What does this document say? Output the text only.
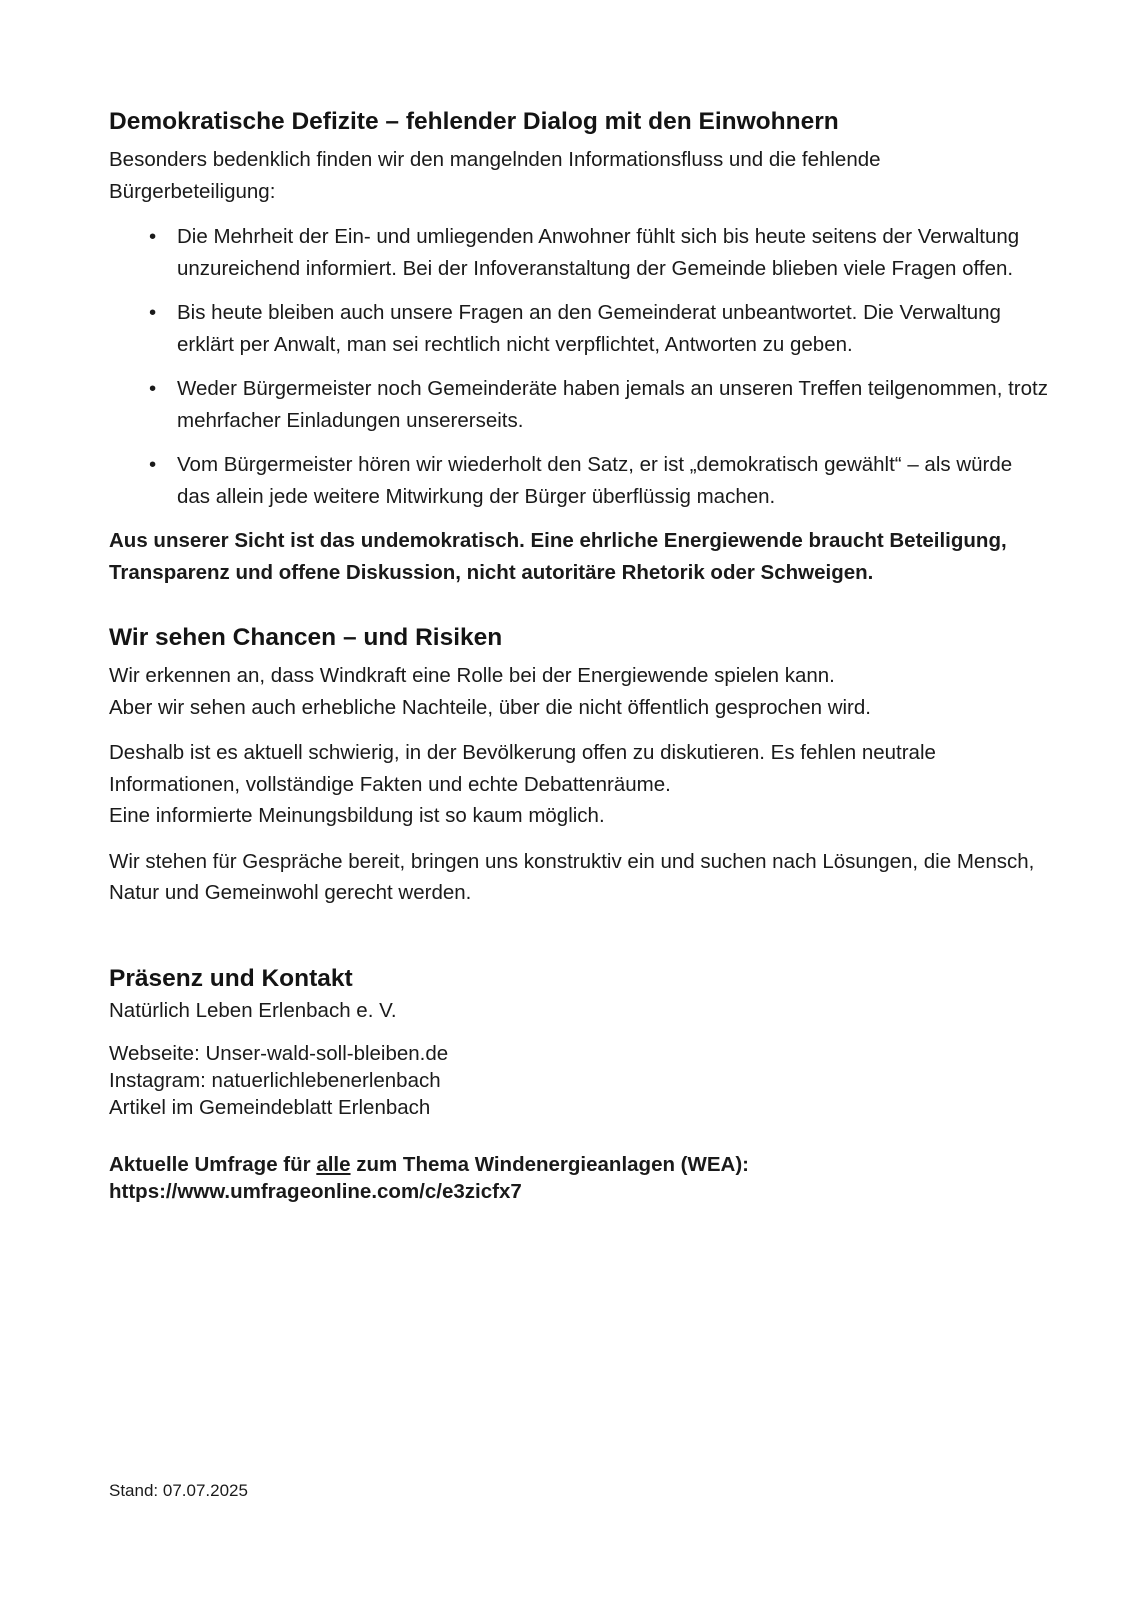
Demokratische Defizite – fehlender Dialog mit den Einwohnern

Besonders bedenklich finden wir den mangelnden Informationsfluss und die fehlende Bürgerbeteiligung:

• Die Mehrheit der Ein- und umliegenden Anwohner fühlt sich bis heute seitens der Verwaltung unzureichend informiert. Bei der Infoveranstaltung der Gemeinde blieben viele Fragen offen.
• Bis heute bleiben auch unsere Fragen an den Gemeinderat unbeantwortet. Die Verwaltung erklärt per Anwalt, man sei rechtlich nicht verpflichtet, Antworten zu geben.
• Weder Bürgermeister noch Gemeinderäte haben jemals an unseren Treffen teilgenommen, trotz mehrfacher Einladungen unsererseits.
• Vom Bürgermeister hören wir wiederholt den Satz, er ist „demokratisch gewählt“ – als würde das allein jede weitere Mitwirkung der Bürger überflüssig machen.

Aus unserer Sicht ist das undemokratisch. Eine ehrliche Energiewende braucht Beteiligung, Transparenz und offene Diskussion, nicht autoritäre Rhetorik oder Schweigen.

Wir sehen Chancen – und Risiken

Wir erkennen an, dass Windkraft eine Rolle bei der Energiewende spielen kann.
Aber wir sehen auch erhebliche Nachteile, über die nicht öffentlich gesprochen wird.

Deshalb ist es aktuell schwierig, in der Bevölkerung offen zu diskutieren. Es fehlen neutrale Informationen, vollständige Fakten und echte Debattenräume.
Eine informierte Meinungsbildung ist so kaum möglich.

Wir stehen für Gespräche bereit, bringen uns konstruktiv ein und suchen nach Lösungen, die Mensch, Natur und Gemeinwohl gerecht werden.

Präsenz und Kontakt

Natürlich Leben Erlenbach e. V.

Webseite: Unser-wald-soll-bleiben.de
Instagram: natuerlichlebenerlenbach
Artikel im Gemeindeblatt Erlenbach

Aktuelle Umfrage für alle zum Thema Windenergieanlagen (WEA):
https://www.umfrageonline.com/c/e3zicfx7

Stand: 07.07.2025
